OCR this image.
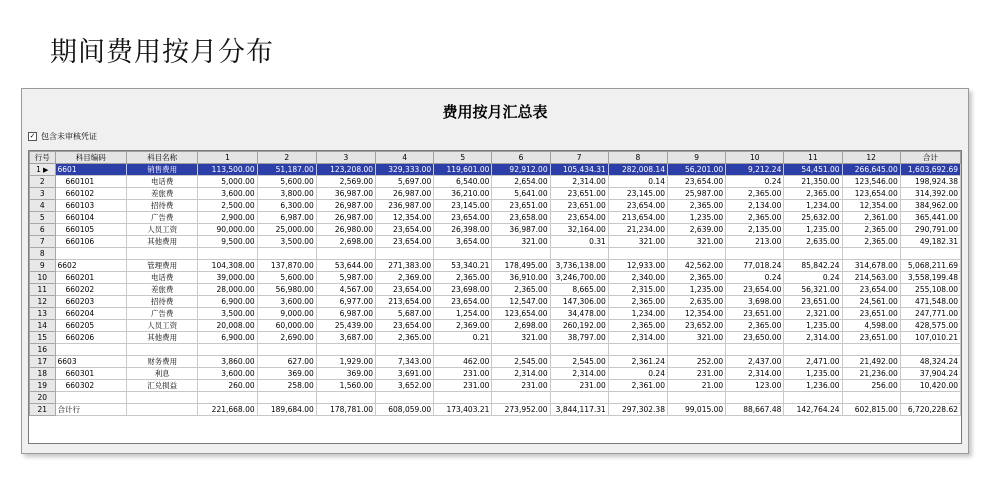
期间费用按月分布
费用按月汇总表
✓ 包含未审核凭证
行号	科目编码	科目名称	1	2	3	4	5	6	7	8	9	10	11	12	合计
1 ▶	6601	销售费用	113,500.00	51,187.00	123,208.00	329,333.00	119,601.00	92,912.00	105,434.31	282,008.14	56,201.00	9,212.24	54,451.00	266,645.00	1,603,692.69
2	660101	电话费	5,000.00	5,600.00	2,569.00	5,697.00	6,540.00	2,654.00	2,314.00	0.14	23,654.00	0.24	21,350.00	123,546.00	198,924.38
3	660102	差旅费	3,600.00	3,800.00	36,987.00	26,987.00	36,210.00	5,641.00	23,651.00	23,145.00	25,987.00	2,365.00	2,365.00	123,654.00	314,392.00
4	660103	招待费	2,500.00	6,300.00	26,987.00	236,987.00	23,145.00	23,651.00	23,651.00	23,654.00	2,365.00	2,134.00	1,234.00	12,354.00	384,962.00
5	660104	广告费	2,900.00	6,987.00	26,987.00	12,354.00	23,654.00	23,658.00	23,654.00	213,654.00	1,235.00	2,365.00	25,632.00	2,361.00	365,441.00
6	660105	人员工资	90,000.00	25,000.00	26,980.00	23,654.00	26,398.00	36,987.00	32,164.00	21,234.00	2,639.00	2,135.00	1,235.00	2,365.00	290,791.00
7	660106	其他费用	9,500.00	3,500.00	2,698.00	23,654.00	3,654.00	321.00	0.31	321.00	321.00	213.00	2,635.00	2,365.00	49,182.31
8															
9	6602	管理费用	104,308.00	137,870.00	53,644.00	271,383.00	53,340.21	178,495.00	3,736,138.00	12,933.00	42,562.00	77,018.24	85,842.24	314,678.00	5,068,211.69
10	660201	电话费	39,000.00	5,600.00	5,987.00	2,369.00	2,365.00	36,910.00	3,246,700.00	2,340.00	2,365.00	0.24	0.24	214,563.00	3,558,199.48
11	660202	差旅费	28,000.00	56,980.00	4,567.00	23,654.00	23,698.00	2,365.00	8,665.00	2,315.00	1,235.00	23,654.00	56,321.00	23,654.00	255,108.00
12	660203	招待费	6,900.00	3,600.00	6,977.00	213,654.00	23,654.00	12,547.00	147,306.00	2,365.00	2,635.00	3,698.00	23,651.00	24,561.00	471,548.00
13	660204	广告费	3,500.00	9,000.00	6,987.00	5,687.00	1,254.00	123,654.00	34,478.00	1,234.00	12,354.00	23,651.00	2,321.00	23,651.00	247,771.00
14	660205	人员工资	20,008.00	60,000.00	25,439.00	23,654.00	2,369.00	2,698.00	260,192.00	2,365.00	23,652.00	2,365.00	1,235.00	4,598.00	428,575.00
15	660206	其他费用	6,900.00	2,690.00	3,687.00	2,365.00	0.21	321.00	38,797.00	2,314.00	321.00	23,650.00	2,314.00	23,651.00	107,010.21
16															
17	6603	财务费用	3,860.00	627.00	1,929.00	7,343.00	462.00	2,545.00	2,545.00	2,361.24	252.00	2,437.00	2,471.00	21,492.00	48,324.24
18	660301	利息	3,600.00	369.00	369.00	3,691.00	231.00	2,314.00	2,314.00	0.24	231.00	2,314.00	1,235.00	21,236.00	37,904.24
19	660302	汇兑损益	260.00	258.00	1,560.00	3,652.00	231.00	231.00	231.00	2,361.00	21.00	123.00	1,236.00	256.00	10,420.00
20															
21	合计行		221,668.00	189,684.00	178,781.00	608,059.00	173,403.21	273,952.00	3,844,117.31	297,302.38	99,015.00	88,667.48	142,764.24	602,815.00	6,720,228.62
